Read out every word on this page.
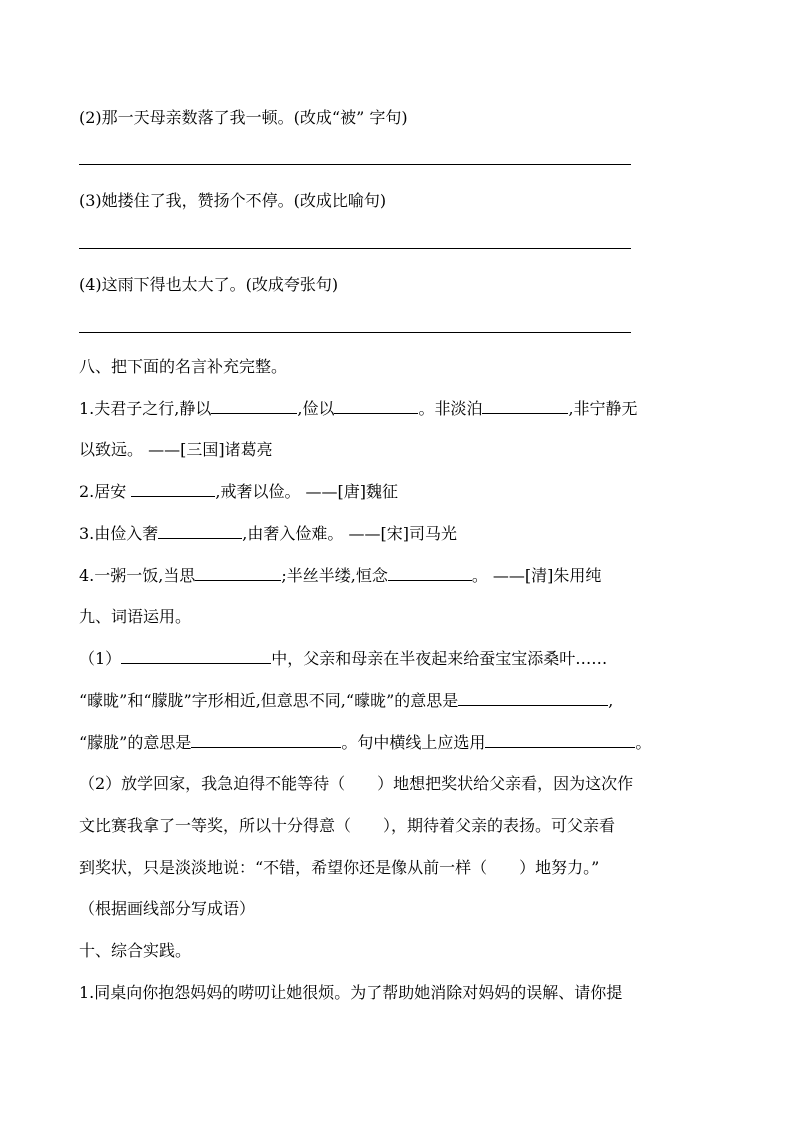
(2)那一天母亲数落了我一顿。(改成“被” 字句)
(3)她搂住了我，赞扬个不停。(改成比喻句)
(4)这雨下得也太大了。(改成夸张句)
八、把下面的名言补充完整。
1.夫君子之行,静以	,俭以	。非淡泊	,非宁静无
以致远。 ——[三国]诸葛亮
2.居安	,戒奢以俭。 ——[唐]魏征
3.由俭入奢	,由奢入俭难。 ——[宋]司马光
4.一粥一饭,当思	;半丝半缕,恒念	。 ——[清]朱用纯
九、词语运用。
（1）	中，父亲和母亲在半夜起来给蚕宝宝添桑叶……
“曚昽”和“朦胧”字形相近,但意思不同,“曚昽”的意思是	,
“朦胧”的意思是	。句中横线上应选用	。
（2）放学回家，我急迫得不能等待（　　）地想把奖状给父亲看，因为这次作
文比赛我拿了一等奖，所以十分得意（　　），期待着父亲的表扬。可父亲看
到奖状，只是淡淡地说：“不错，希望你还是像从前一样（　　）地努力。”
（根据画线部分写成语）
十、综合实践。
1.同桌向你抱怨妈妈的唠叨让她很烦。为了帮助她消除对妈妈的误解、请你提
